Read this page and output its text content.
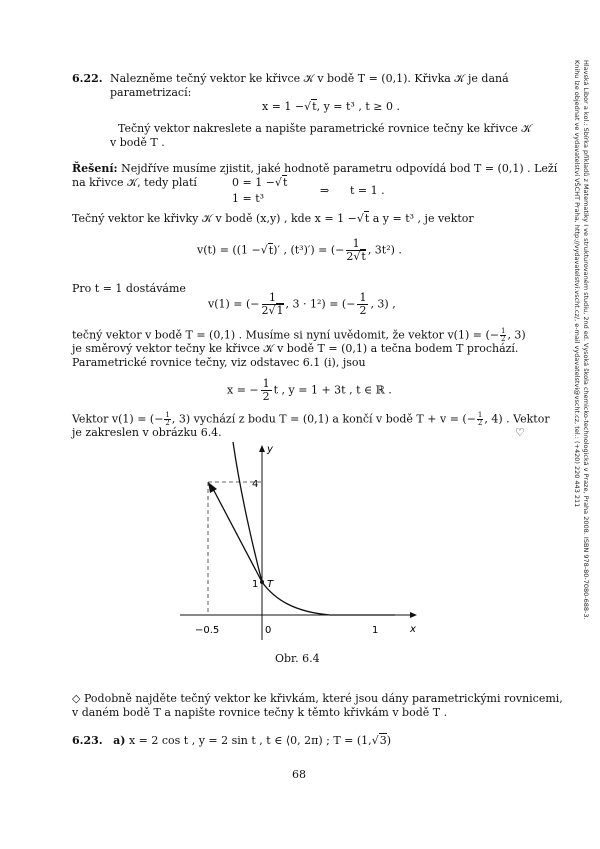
Hlavská Libor a kol.: Sbírka příkladů z Matematiky I ve strukturovaném studiu, 2nd ed. Vysoká škola chemicko-technologická v Praze, Praha 2008. ISBN 978-80-7080-688-3. Knihu lze objednat ve vydavatelství VŠCHT Praha, http://vydavatelstvi.vscht.cz/, e-mail vydavatelstvi@vscht.cz, tel.: (+420) 220 443 211
6.22. Nalezněme tečný vektor ke křivce 𝒦 v bodě T = (0,1). Křivka 𝒦 je daná
parametrizací:
x = 1 −√t, y = t³ , t ≥ 0 .
Tečný vektor nakreslete a napište parametrické rovnice tečny ke křivce 𝒦
v bodě T .
Řešení: Nejdříve musíme zjistit, jaké hodnotě parametru odpovídá bod T = (0,1) . Leží
na křivce 𝒦, tedy platí	0 = 1 −√t
1 = t³
⇒ t = 1 .
Tečný vektor ke křivky 𝒦 v bodě (x,y) , kde x = 1 −√t a y = t³ , je vektor
v(t) = ((1 −√t)′ , (t³)′) = (− $\frac{1}{2√t}$ , 3t²) .
Pro t = 1 dostáváme
v(1) = (− $\frac{1}{2√1}$ , 3 · 1²) = (− $\frac{1}{2}$ , 3) ,
tečný vektor v bodě T = (0,1) . Musíme si nyní uvědomit, že vektor v(1) = (− $\frac{1}{2}$, 3)
je směrový vektor tečny ke křivce 𝒦 v bodě T = (0,1) a tečna bodem T prochází.
Parametrické rovnice tečny, viz odstavec 6.1 (i), jsou
x = − $\frac{1}{2}$ t , y = 1 + 3t , t ∈ ℝ .
Vektor v(1) = (− $\frac{1}{2}$, 3) vychází z bodu T = (0,1) a končí v bodě T + v = (− $\frac{1}{2}$, 4) . Vektor
je zakreslen v obrázku 6.4.	♡
4
1 T
y
x
−0.5	0	1
Obr. 6.4
◇ Podobně najděte tečný vektor ke křivkám, které jsou dány parametrickými rovnicemi,
v daném bodě T a napište rovnice tečny k těmto křivkám v bodě T .
6.23. a) x = 2 cos t , y = 2 sin t , t ∈ ⟨0, 2π) ; T = (1,√3)
68
